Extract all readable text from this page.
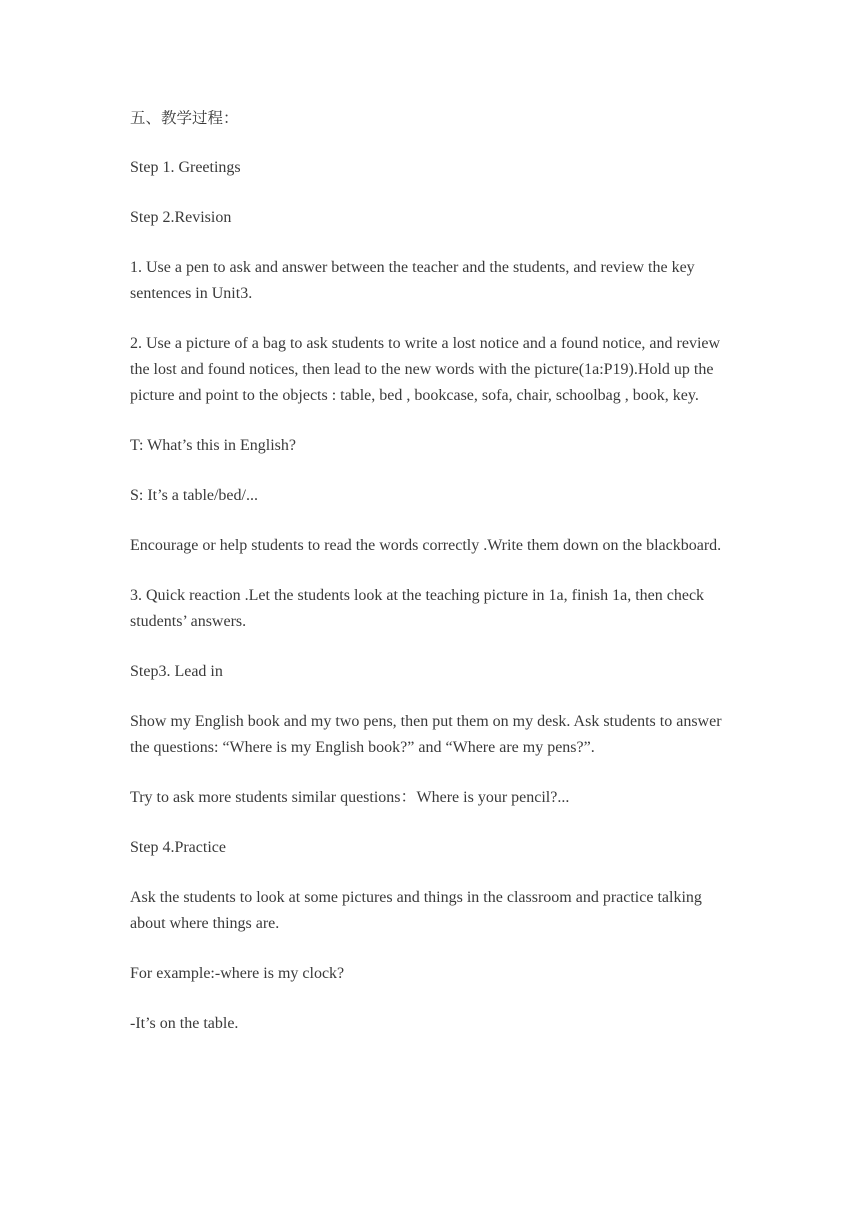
五、教学过程：

Step 1. Greetings

Step 2.Revision

1. Use a pen to ask and answer between the teacher and the students, and review the key sentences in Unit3.

2. Use a picture of a bag to ask students to write a lost notice and a found notice, and review the lost and found notices, then lead to the new words with the picture(1a:P19).Hold up the picture and point to the objects : table, bed , bookcase, sofa, chair, schoolbag , book, key.

T: What’s this in English?

S: It’s a table/bed/...

Encourage or help students to read the words correctly .Write them down on the blackboard.

3. Quick reaction .Let the students look at the teaching picture in 1a, finish 1a, then check students’ answers.

Step3. Lead in

Show my English book and my two pens, then put them on my desk. Ask students to answer the questions: “Where is my English book?” and “Where are my pens?”.

Try to ask more students similar questions：Where is your pencil?...

Step 4.Practice

Ask the students to look at some pictures and things in the classroom and practice talking about where things are.

For example:-where is my clock?

-It’s on the table.
